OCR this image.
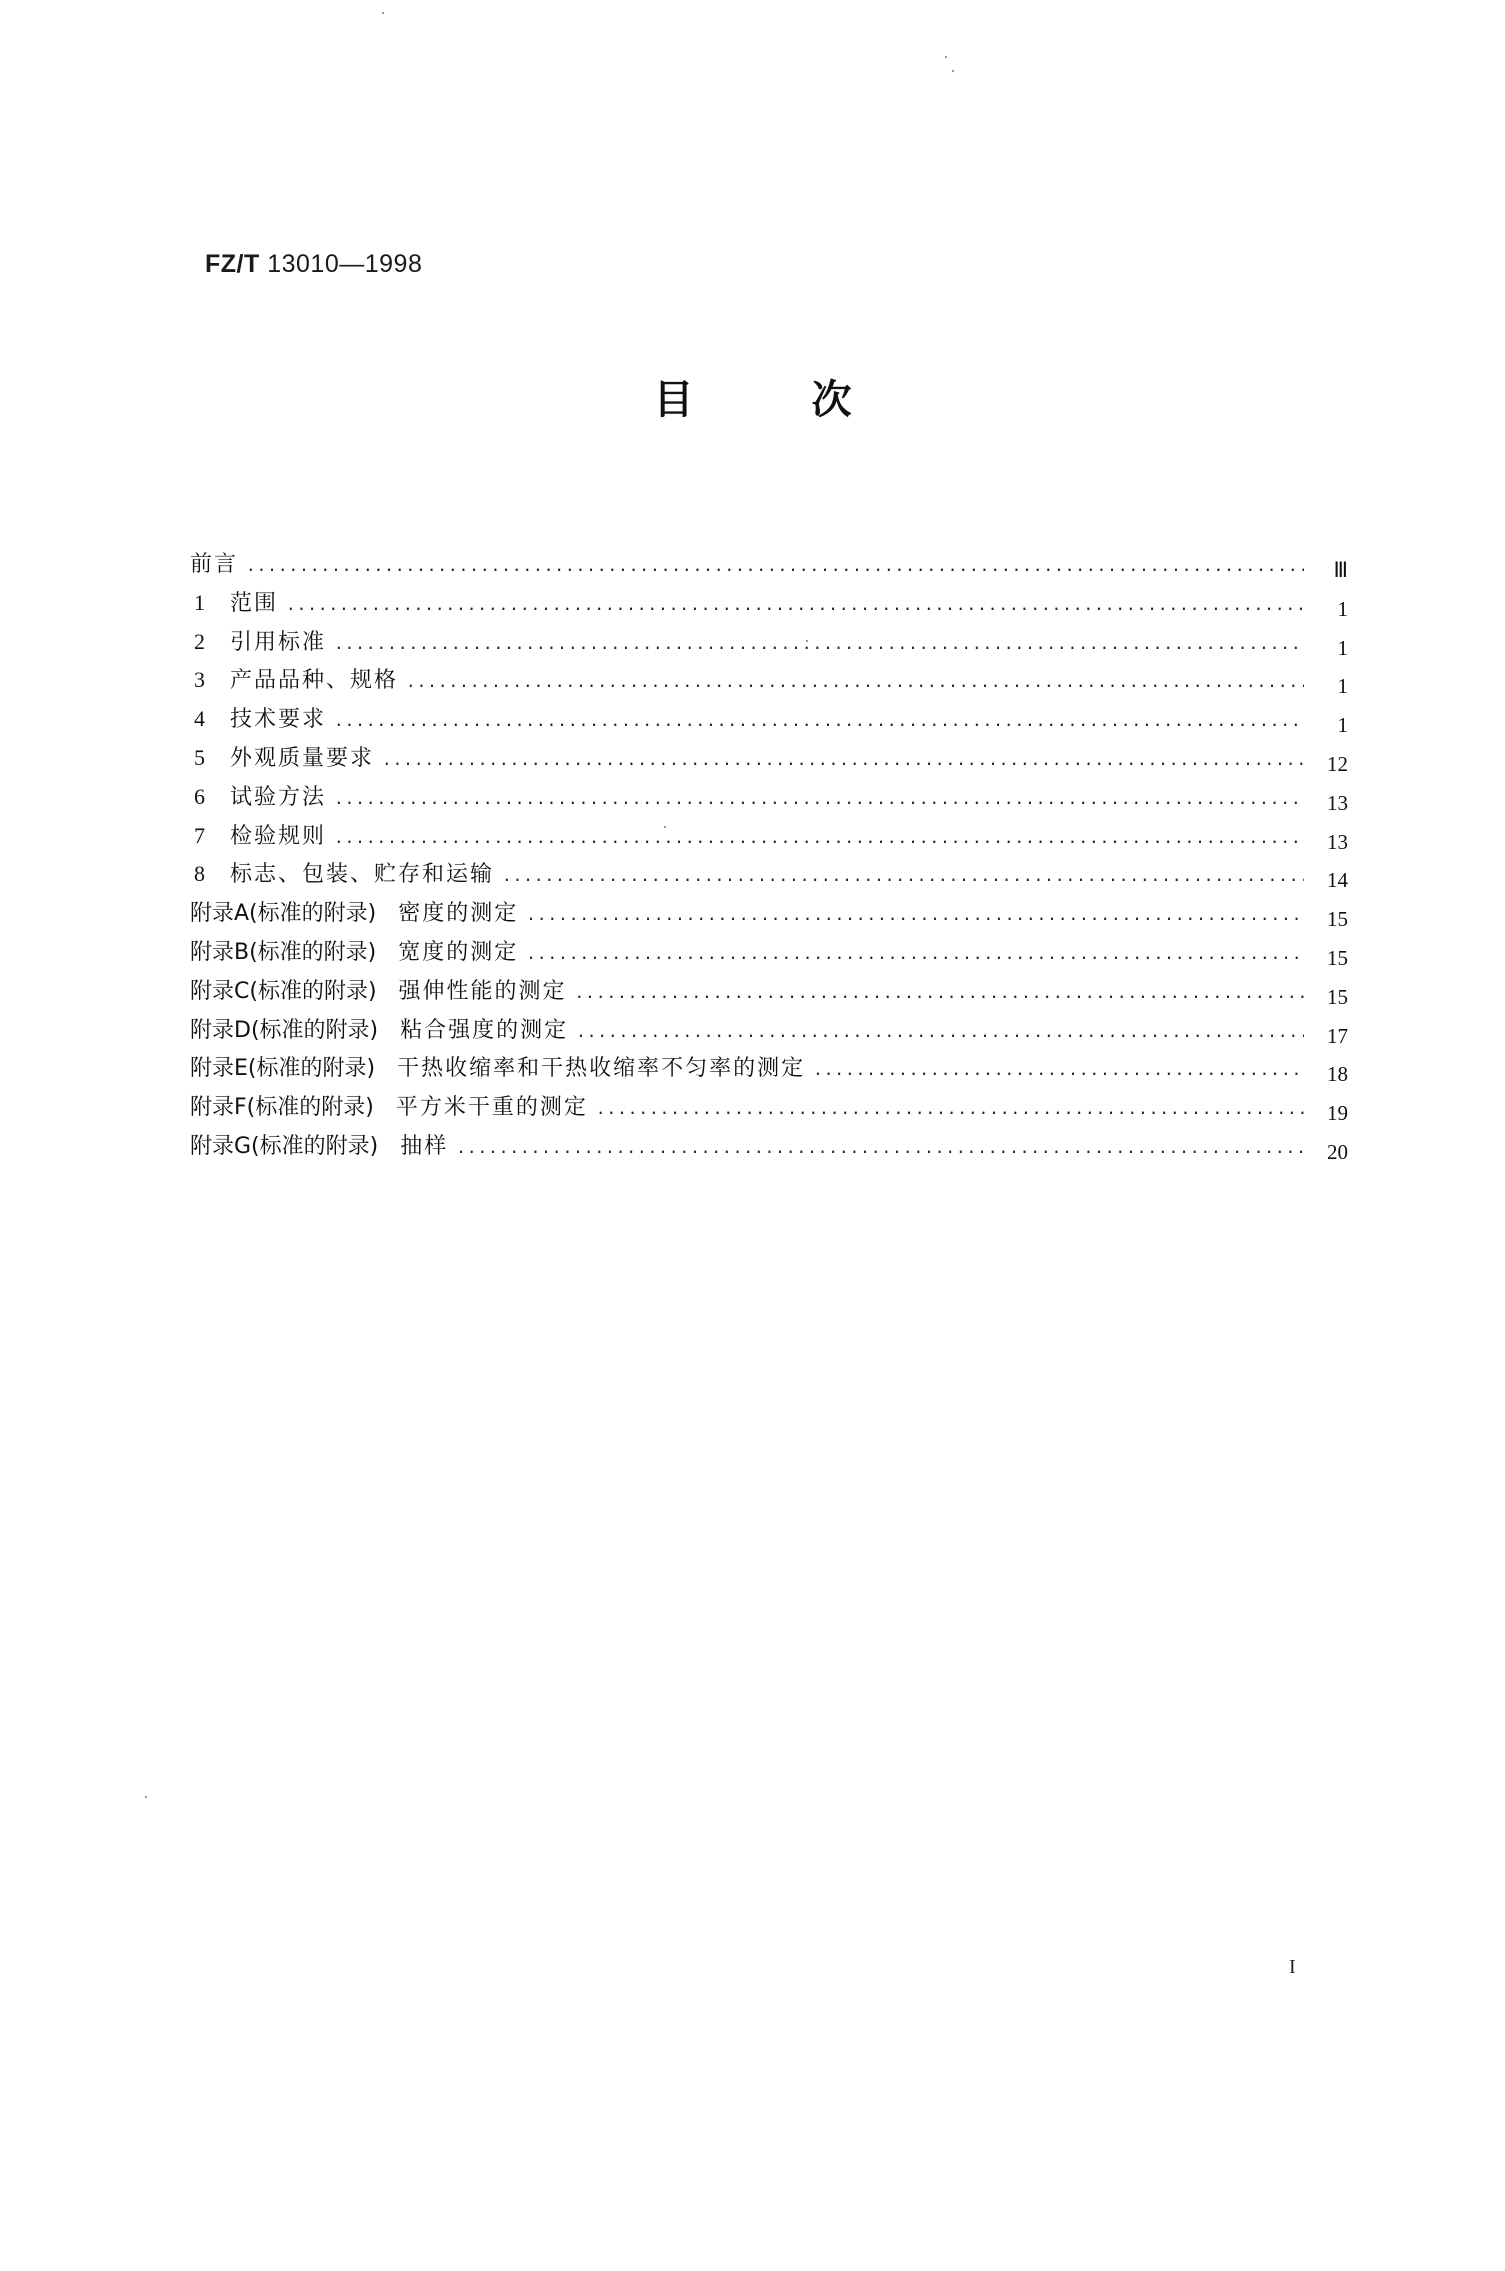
FZ/T 13010—1998
目次
前言 .....	Ⅲ
1	范围 .....	1
2	引用标准 .....	1
3	产品品种、规格 .....	1
4	技术要求 .....	1
5	外观质量要求 .....	12
6	试验方法 .....	13
7	检验规则 .....	13
8	标志、包装、贮存和运输 .....	14
附录A(标准的附录) 密度的测定 .....	15
附录B(标准的附录) 宽度的测定 .....	15
附录C(标准的附录) 强伸性能的测定 .....	15
附录D(标准的附录) 粘合强度的测定 .....	17
附录E(标准的附录) 干热收缩率和干热收缩率不匀率的测定 .....	18
附录F(标准的附录) 平方米干重的测定 .....	19
附录G(标准的附录) 抽样 .....	20
I
